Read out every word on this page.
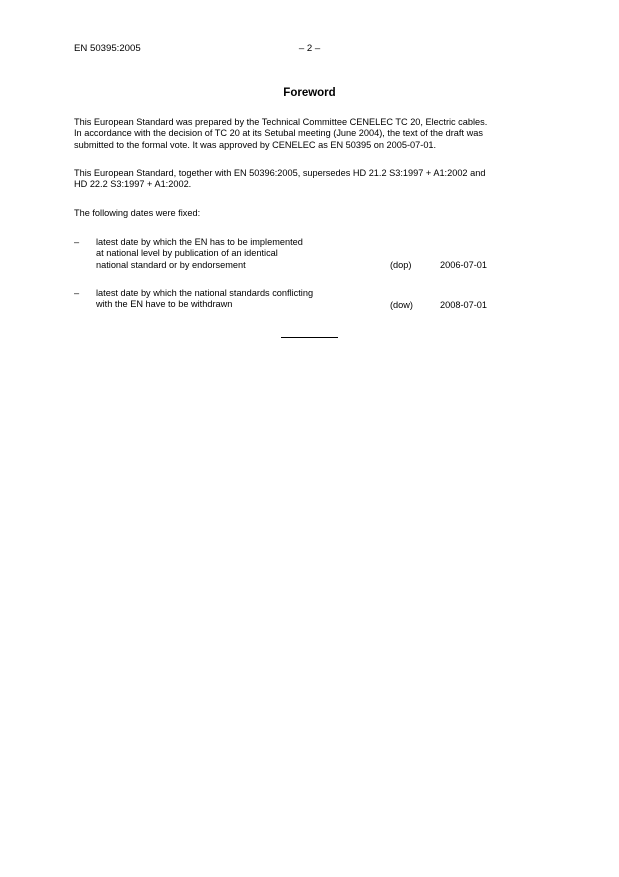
EN 50395:2005	– 2 –
Foreword
This European Standard was prepared by the Technical Committee CENELEC TC 20, Electric cables.
In accordance with the decision of TC 20 at its Setubal meeting (June 2004), the text of the draft was
submitted to the formal vote. It was approved by CENELEC as EN 50395 on 2005-07-01.
This European Standard, together with EN 50396:2005, supersedes HD 21.2 S3:1997 + A1:2002 and
HD 22.2 S3:1997 + A1:2002.
The following dates were fixed:
– latest date by which the EN has to be implemented
at national level by publication of an identical
national standard or by endorsement	(dop)	2006-07-01
– latest date by which the national standards conflicting
with the EN have to be withdrawn	(dow)	2008-07-01
